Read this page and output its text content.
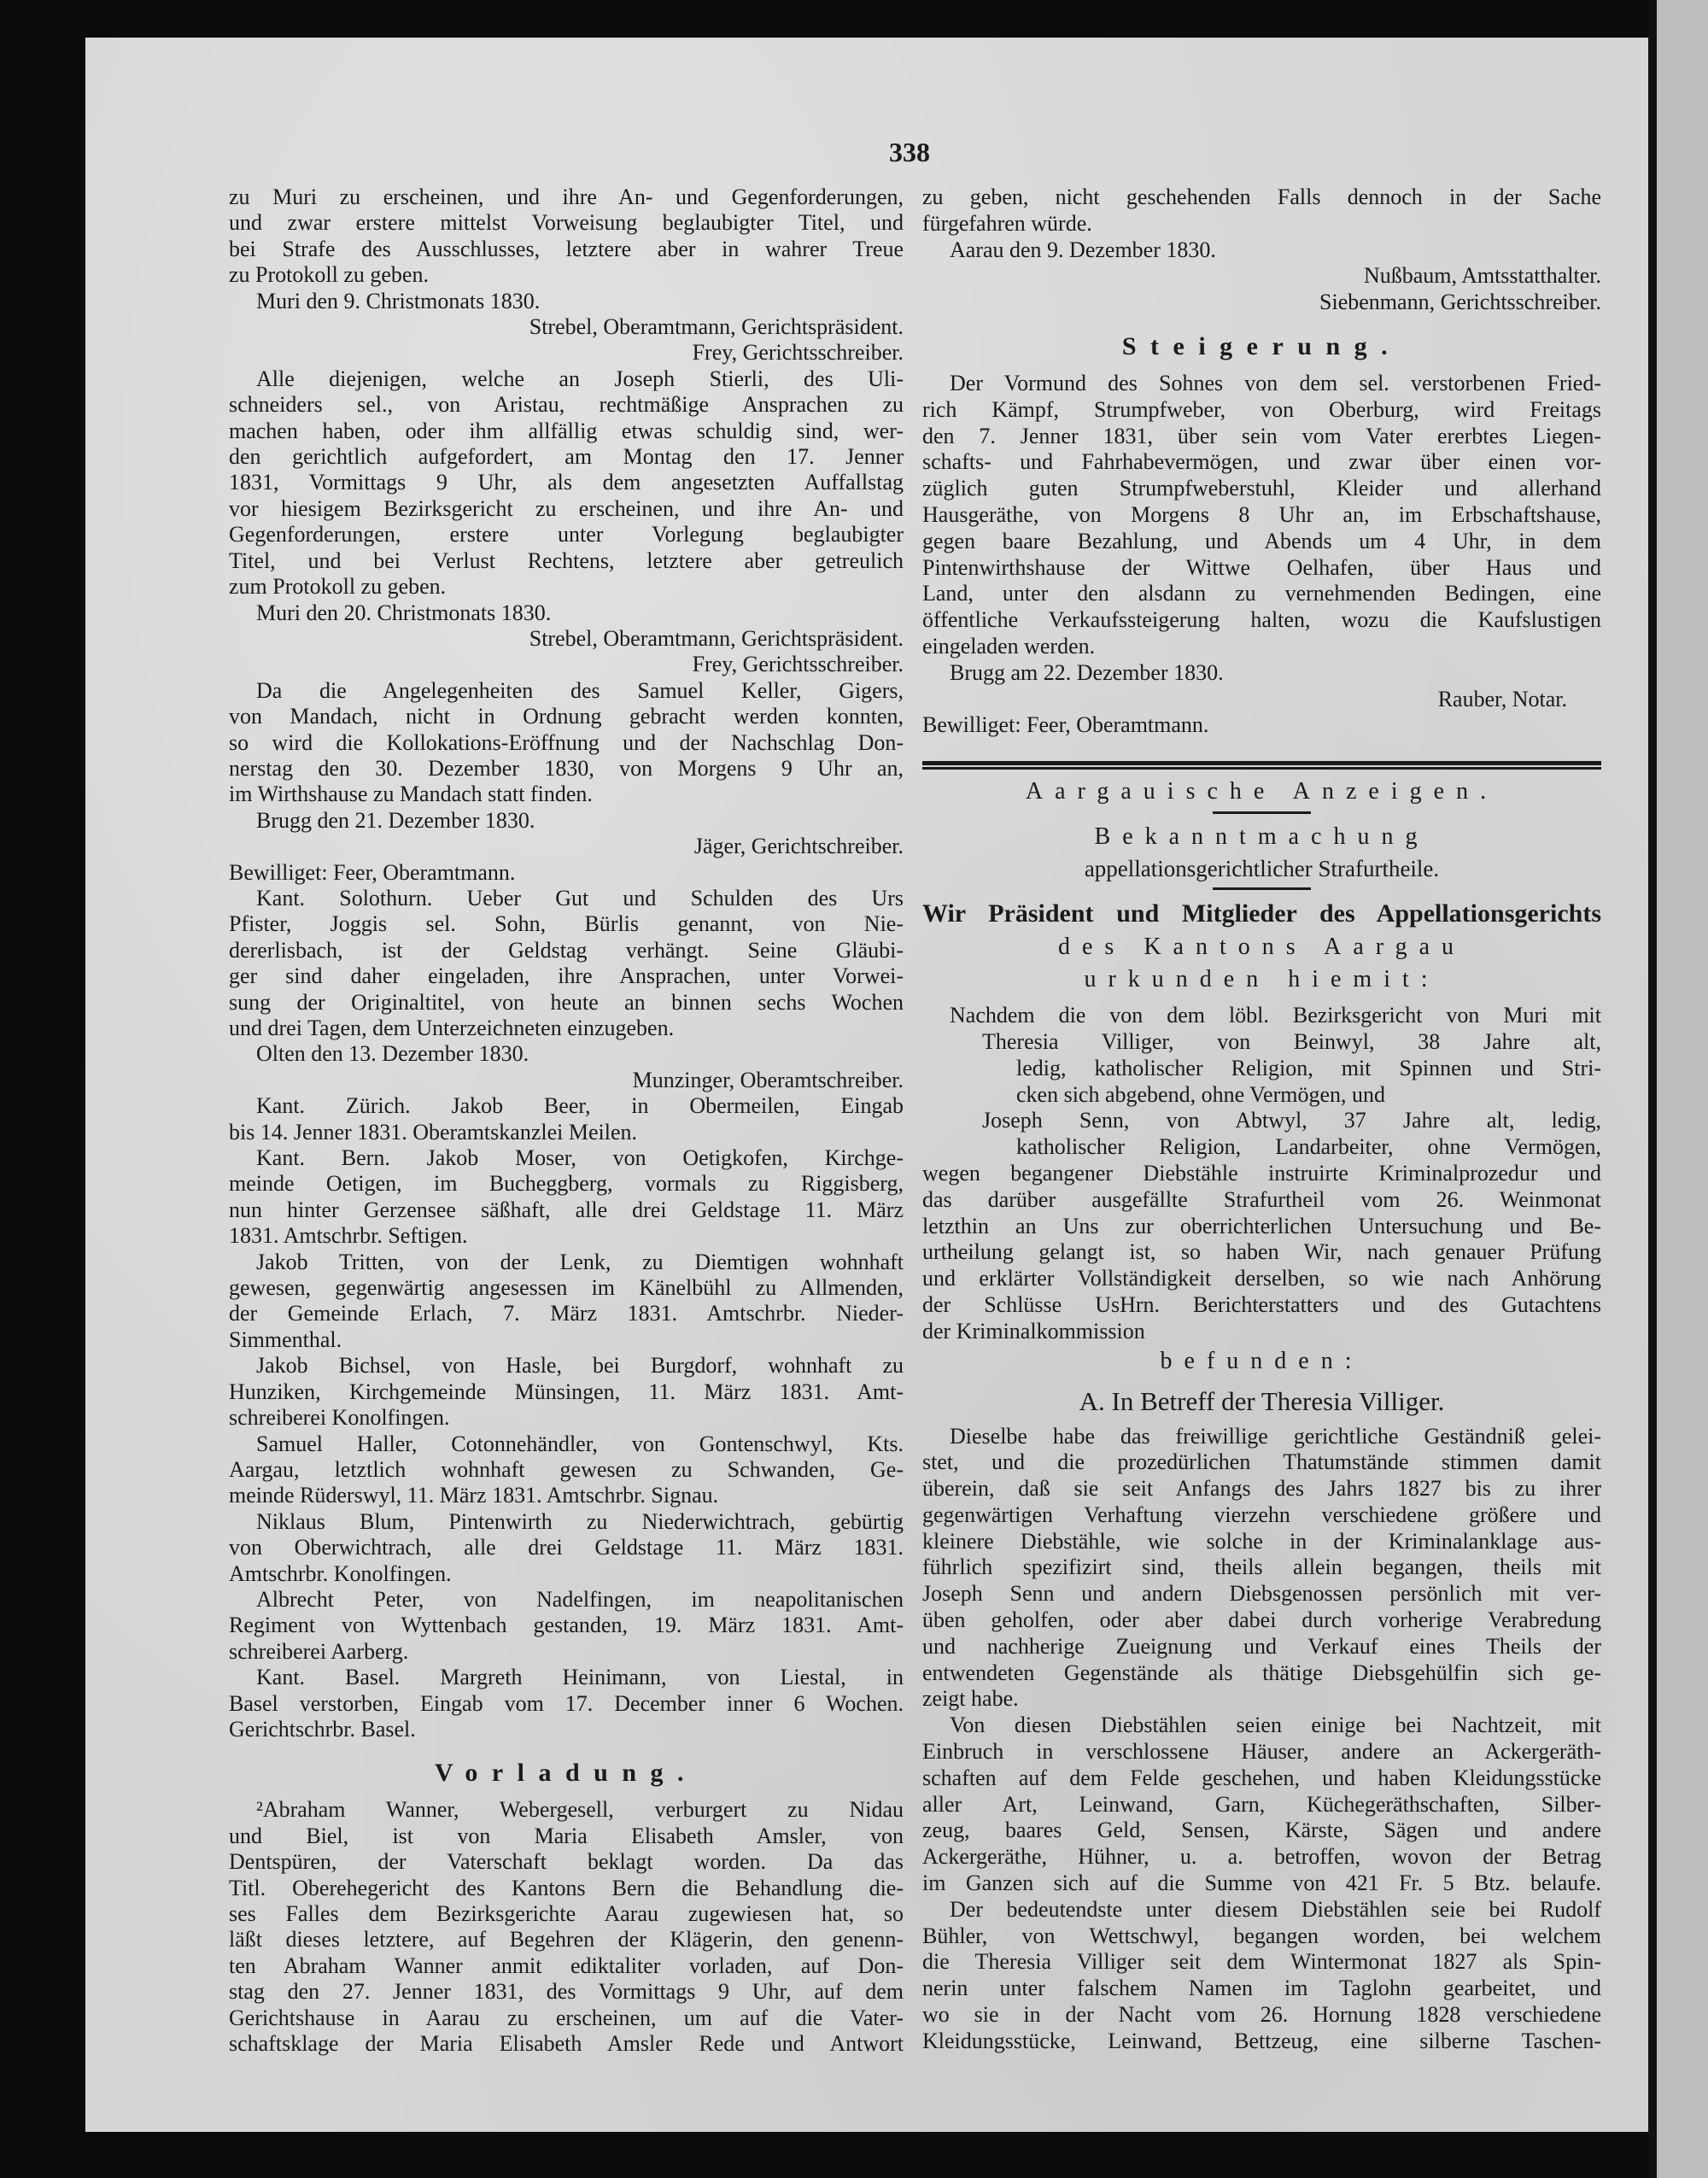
338
zu Muri zu erscheinen, und ihre An- und Gegenforderungen,
und zwar erstere mittelst Vorweisung beglaubigter Titel, und
bei Strafe des Ausschlusses, letztere aber in wahrer Treue
zu Protokoll zu geben.
Muri den 9. Christmonats 1830.
Strebel, Oberamtmann, Gerichtspräsident.
Frey, Gerichtsschreiber.
Alle diejenigen, welche an Joseph Stierli, des Uli-
schneiders sel., von Aristau, rechtmäßige Ansprachen zu
machen haben, oder ihm allfällig etwas schuldig sind, wer-
den gerichtlich aufgefordert, am Montag den 17. Jenner
1831, Vormittags 9 Uhr, als dem angesetzten Auffallstag
vor hiesigem Bezirksgericht zu erscheinen, und ihre An- und
Gegenforderungen, erstere unter Vorlegung beglaubigter
Titel, und bei Verlust Rechtens, letztere aber getreulich
zum Protokoll zu geben.
Muri den 20. Christmonats 1830.
Strebel, Oberamtmann, Gerichtspräsident.
Frey, Gerichtsschreiber.
Da die Angelegenheiten des Samuel Keller, Gigers,
von Mandach, nicht in Ordnung gebracht werden konnten,
so wird die Kollokations-Eröffnung und der Nachschlag Don-
nerstag den 30. Dezember 1830, von Morgens 9 Uhr an,
im Wirthshause zu Mandach statt finden.
Brugg den 21. Dezember 1830.
Jäger, Gerichtschreiber.
Bewilliget: Feer, Oberamtmann.
Kant. Solothurn. Ueber Gut und Schulden des Urs
Pfister, Joggis sel. Sohn, Bürlis genannt, von Nie-
dererlisbach, ist der Geldstag verhängt. Seine Gläubi-
ger sind daher eingeladen, ihre Ansprachen, unter Vorwei-
sung der Originaltitel, von heute an binnen sechs Wochen
und drei Tagen, dem Unterzeichneten einzugeben.
Olten den 13. Dezember 1830.
Munzinger, Oberamtschreiber.
Kant. Zürich. Jakob Beer, in Obermeilen, Eingab
bis 14. Jenner 1831. Oberamtskanzlei Meilen.
Kant. Bern. Jakob Moser, von Oetigkofen, Kirchge-
meinde Oetigen, im Bucheggberg, vormals zu Riggisberg,
nun hinter Gerzensee säßhaft, alle drei Geldstage 11. März
1831. Amtschrbr. Seftigen.
Jakob Tritten, von der Lenk, zu Diemtigen wohnhaft
gewesen, gegenwärtig angesessen im Känelbühl zu Allmenden,
der Gemeinde Erlach, 7. März 1831. Amtschrbr. Nieder-
Simmenthal.
Jakob Bichsel, von Hasle, bei Burgdorf, wohnhaft zu
Hunziken, Kirchgemeinde Münsingen, 11. März 1831. Amt-
schreiberei Konolfingen.
Samuel Haller, Cotonnehändler, von Gontenschwyl, Kts.
Aargau, letztlich wohnhaft gewesen zu Schwanden, Ge-
meinde Rüderswyl, 11. März 1831. Amtschrbr. Signau.
Niklaus Blum, Pintenwirth zu Niederwichtrach, gebürtig
von Oberwichtrach, alle drei Geldstage 11. März 1831.
Amtschrbr. Konolfingen.
Albrecht Peter, von Nadelfingen, im neapolitanischen
Regiment von Wyttenbach gestanden, 19. März 1831. Amt-
schreiberei Aarberg.
Kant. Basel. Margreth Heinimann, von Liestal, in
Basel verstorben, Eingab vom 17. December inner 6 Wochen.
Gerichtschrbr. Basel.
Vorladung.
²Abraham Wanner, Webergesell, verburgert zu Nidau
und Biel, ist von Maria Elisabeth Amsler, von
Dentspüren, der Vaterschaft beklagt worden. Da das
Titl. Oberehegericht des Kantons Bern die Behandlung die-
ses Falles dem Bezirksgerichte Aarau zugewiesen hat, so
läßt dieses letztere, auf Begehren der Klägerin, den genenn-
ten Abraham Wanner anmit ediktaliter vorladen, auf Don-
stag den 27. Jenner 1831, des Vormittags 9 Uhr, auf dem
Gerichtshause in Aarau zu erscheinen, um auf die Vater-
schaftsklage der Maria Elisabeth Amsler Rede und Antwort
zu geben, nicht geschehenden Falls dennoch in der Sache
fürgefahren würde.
Aarau den 9. Dezember 1830.
Nußbaum, Amtsstatthalter.
Siebenmann, Gerichtsschreiber.
Steigerung.
Der Vormund des Sohnes von dem sel. verstorbenen Fried-
rich Kämpf, Strumpfweber, von Oberburg, wird Freitags
den 7. Jenner 1831, über sein vom Vater ererbtes Liegen-
schafts- und Fahrhabevermögen, und zwar über einen vor-
züglich guten Strumpfweberstuhl, Kleider und allerhand
Hausgeräthe, von Morgens 8 Uhr an, im Erbschaftshause,
gegen baare Bezahlung, und Abends um 4 Uhr, in dem
Pintenwirthshause der Wittwe Oelhafen, über Haus und
Land, unter den alsdann zu vernehmenden Bedingen, eine
öffentliche Verkaufssteigerung halten, wozu die Kaufslustigen
eingeladen werden.
Brugg am 22. Dezember 1830.
Rauber, Notar.
Bewilliget: Feer, Oberamtmann.
Aargauische Anzeigen.
Bekanntmachung
appellationsgerichtlicher Strafurtheile.
Wir Präsident und Mitglieder des Appellationsgerichts
des Kantons Aargau
urkunden hiemit:
Nachdem die von dem löbl. Bezirksgericht von Muri mit
Theresia Villiger, von Beinwyl, 38 Jahre alt,
ledig, katholischer Religion, mit Spinnen und Stri-
cken sich abgebend, ohne Vermögen, und
Joseph Senn, von Abtwyl, 37 Jahre alt, ledig,
katholischer Religion, Landarbeiter, ohne Vermögen,
wegen begangener Diebstähle instruirte Kriminalprozedur und
das darüber ausgefällte Strafurtheil vom 26. Weinmonat
letzthin an Uns zur oberrichterlichen Untersuchung und Be-
urtheilung gelangt ist, so haben Wir, nach genauer Prüfung
und erklärter Vollständigkeit derselben, so wie nach Anhörung
der Schlüsse UsHrn. Berichterstatters und des Gutachtens
der Kriminalkommission
befunden:
A. In Betreff der Theresia Villiger.
Dieselbe habe das freiwillige gerichtliche Geständniß gelei-
stet, und die prozedürlichen Thatumstände stimmen damit
überein, daß sie seit Anfangs des Jahrs 1827 bis zu ihrer
gegenwärtigen Verhaftung vierzehn verschiedene größere und
kleinere Diebstähle, wie solche in der Kriminalanklage aus-
führlich spezifizirt sind, theils allein begangen, theils mit
Joseph Senn und andern Diebsgenossen persönlich mit ver-
üben geholfen, oder aber dabei durch vorherige Verabredung
und nachherige Zueignung und Verkauf eines Theils der
entwendeten Gegenstände als thätige Diebsgehülfin sich ge-
zeigt habe.
Von diesen Diebstählen seien einige bei Nachtzeit, mit
Einbruch in verschlossene Häuser, andere an Ackergeräth-
schaften auf dem Felde geschehen, und haben Kleidungsstücke
aller Art, Leinwand, Garn, Küchegeräthschaften, Silber-
zeug, baares Geld, Sensen, Kärste, Sägen und andere
Ackergeräthe, Hühner, u. a. betroffen, wovon der Betrag
im Ganzen sich auf die Summe von 421 Fr. 5 Btz. belaufe.
Der bedeutendste unter diesem Diebstählen seie bei Rudolf
Bühler, von Wettschwyl, begangen worden, bei welchem
die Theresia Villiger seit dem Wintermonat 1827 als Spin-
nerin unter falschem Namen im Taglohn gearbeitet, und
wo sie in der Nacht vom 26. Hornung 1828 verschiedene
Kleidungsstücke, Leinwand, Bettzeug, eine silberne Taschen-
